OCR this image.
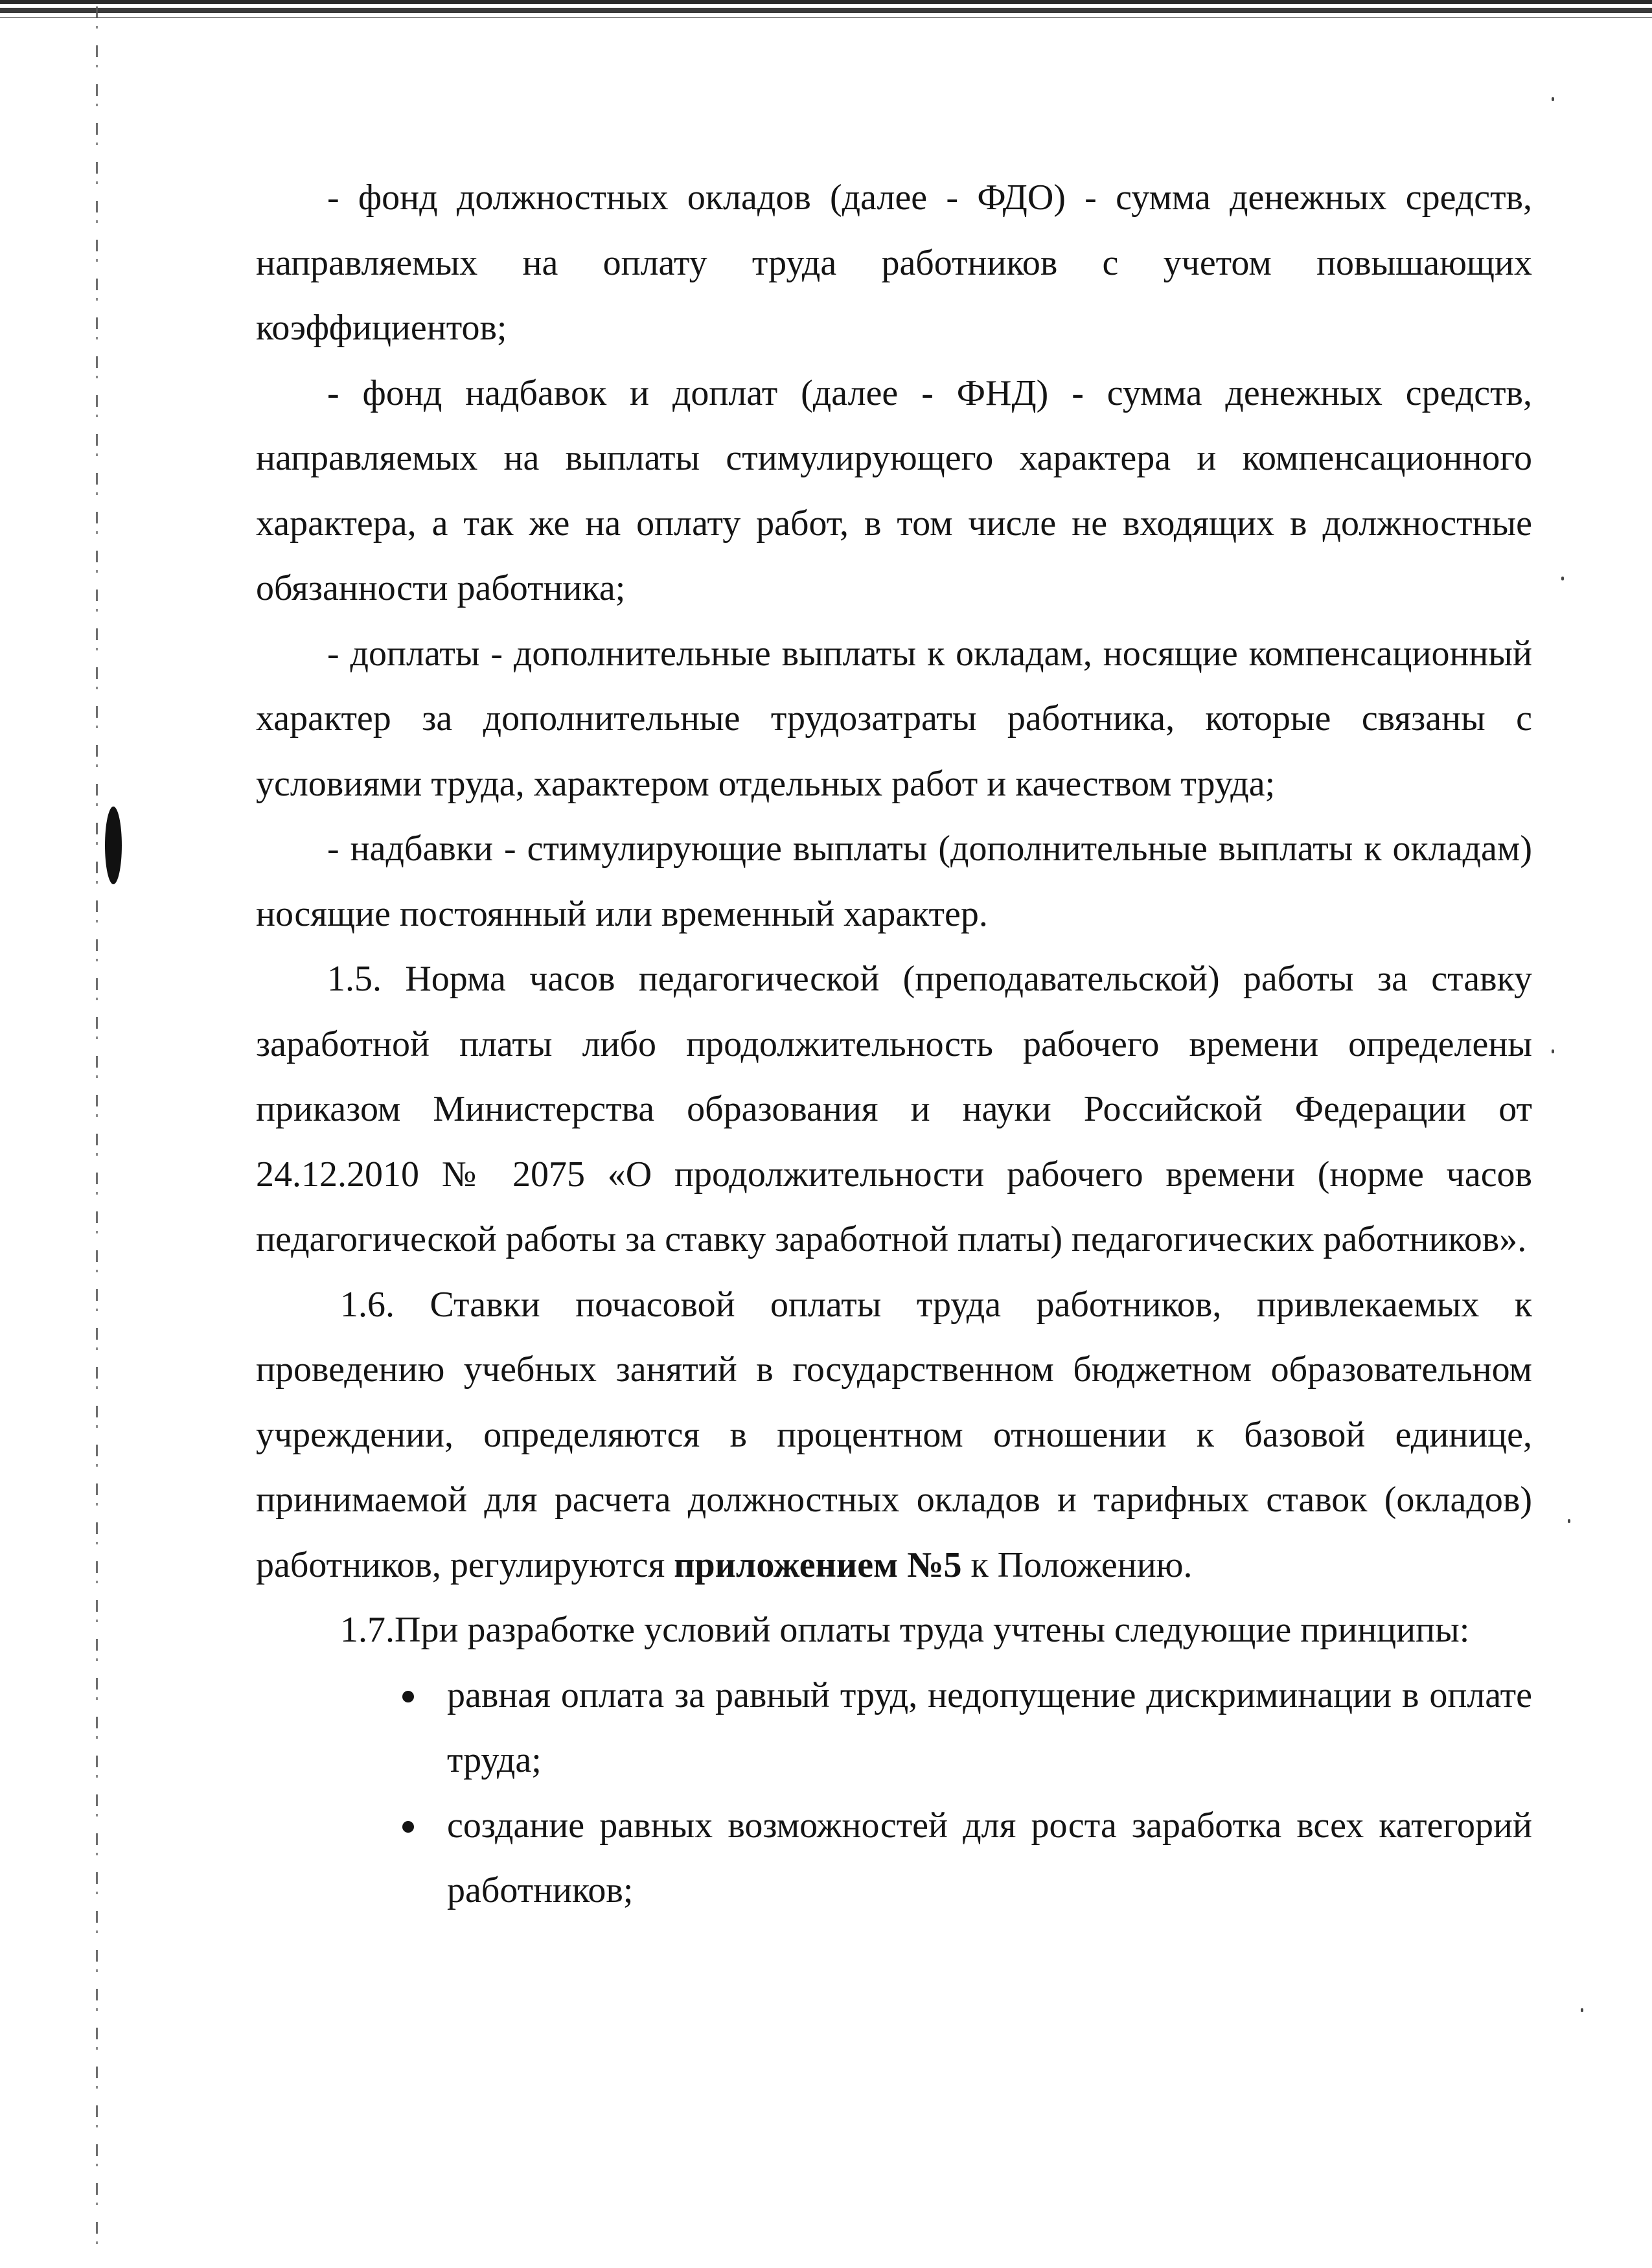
- фонд должностных окладов (далее - ФДО) - сумма денежных средств, направляемых на оплату труда работников с учетом повышающих коэффициентов;

- фонд надбавок и доплат (далее - ФНД) - сумма денежных средств, направляемых на выплаты стимулирующего характера и компенсационного характера, а так же на оплату работ, в том числе не входящих в должностные обязанности работника;

- доплаты - дополнительные выплаты к окладам, носящие компенсационный характер за дополнительные трудозатраты работника, которые связаны с условиями труда, характером отдельных работ и качеством труда;

- надбавки - стимулирующие выплаты (дополнительные выплаты к окладам) носящие постоянный или временный характер.

1.5. Норма часов педагогической (преподавательской) работы за ставку заработной платы либо продолжительность рабочего времени определены приказом Министерства образования и науки Российской Федерации от 24.12.2010 № 2075 «О продолжительности рабочего времени (норме часов педагогической работы за ставку заработной платы) педагогических работников».

1.6. Ставки почасовой оплаты труда работников, привлекаемых к проведению учебных занятий в государственном бюджетном образовательном учреждении, определяются в процентном отношении к базовой единице, принимаемой для расчета должностных окладов и тарифных ставок (окладов) работников, регулируются приложением №5 к Положению.

1.7.При разработке условий оплаты труда учтены следующие принципы:

равная оплата за равный труд, недопущение дискриминации в оплате труда;
создание равных возможностей для роста заработка всех категорий работников;
